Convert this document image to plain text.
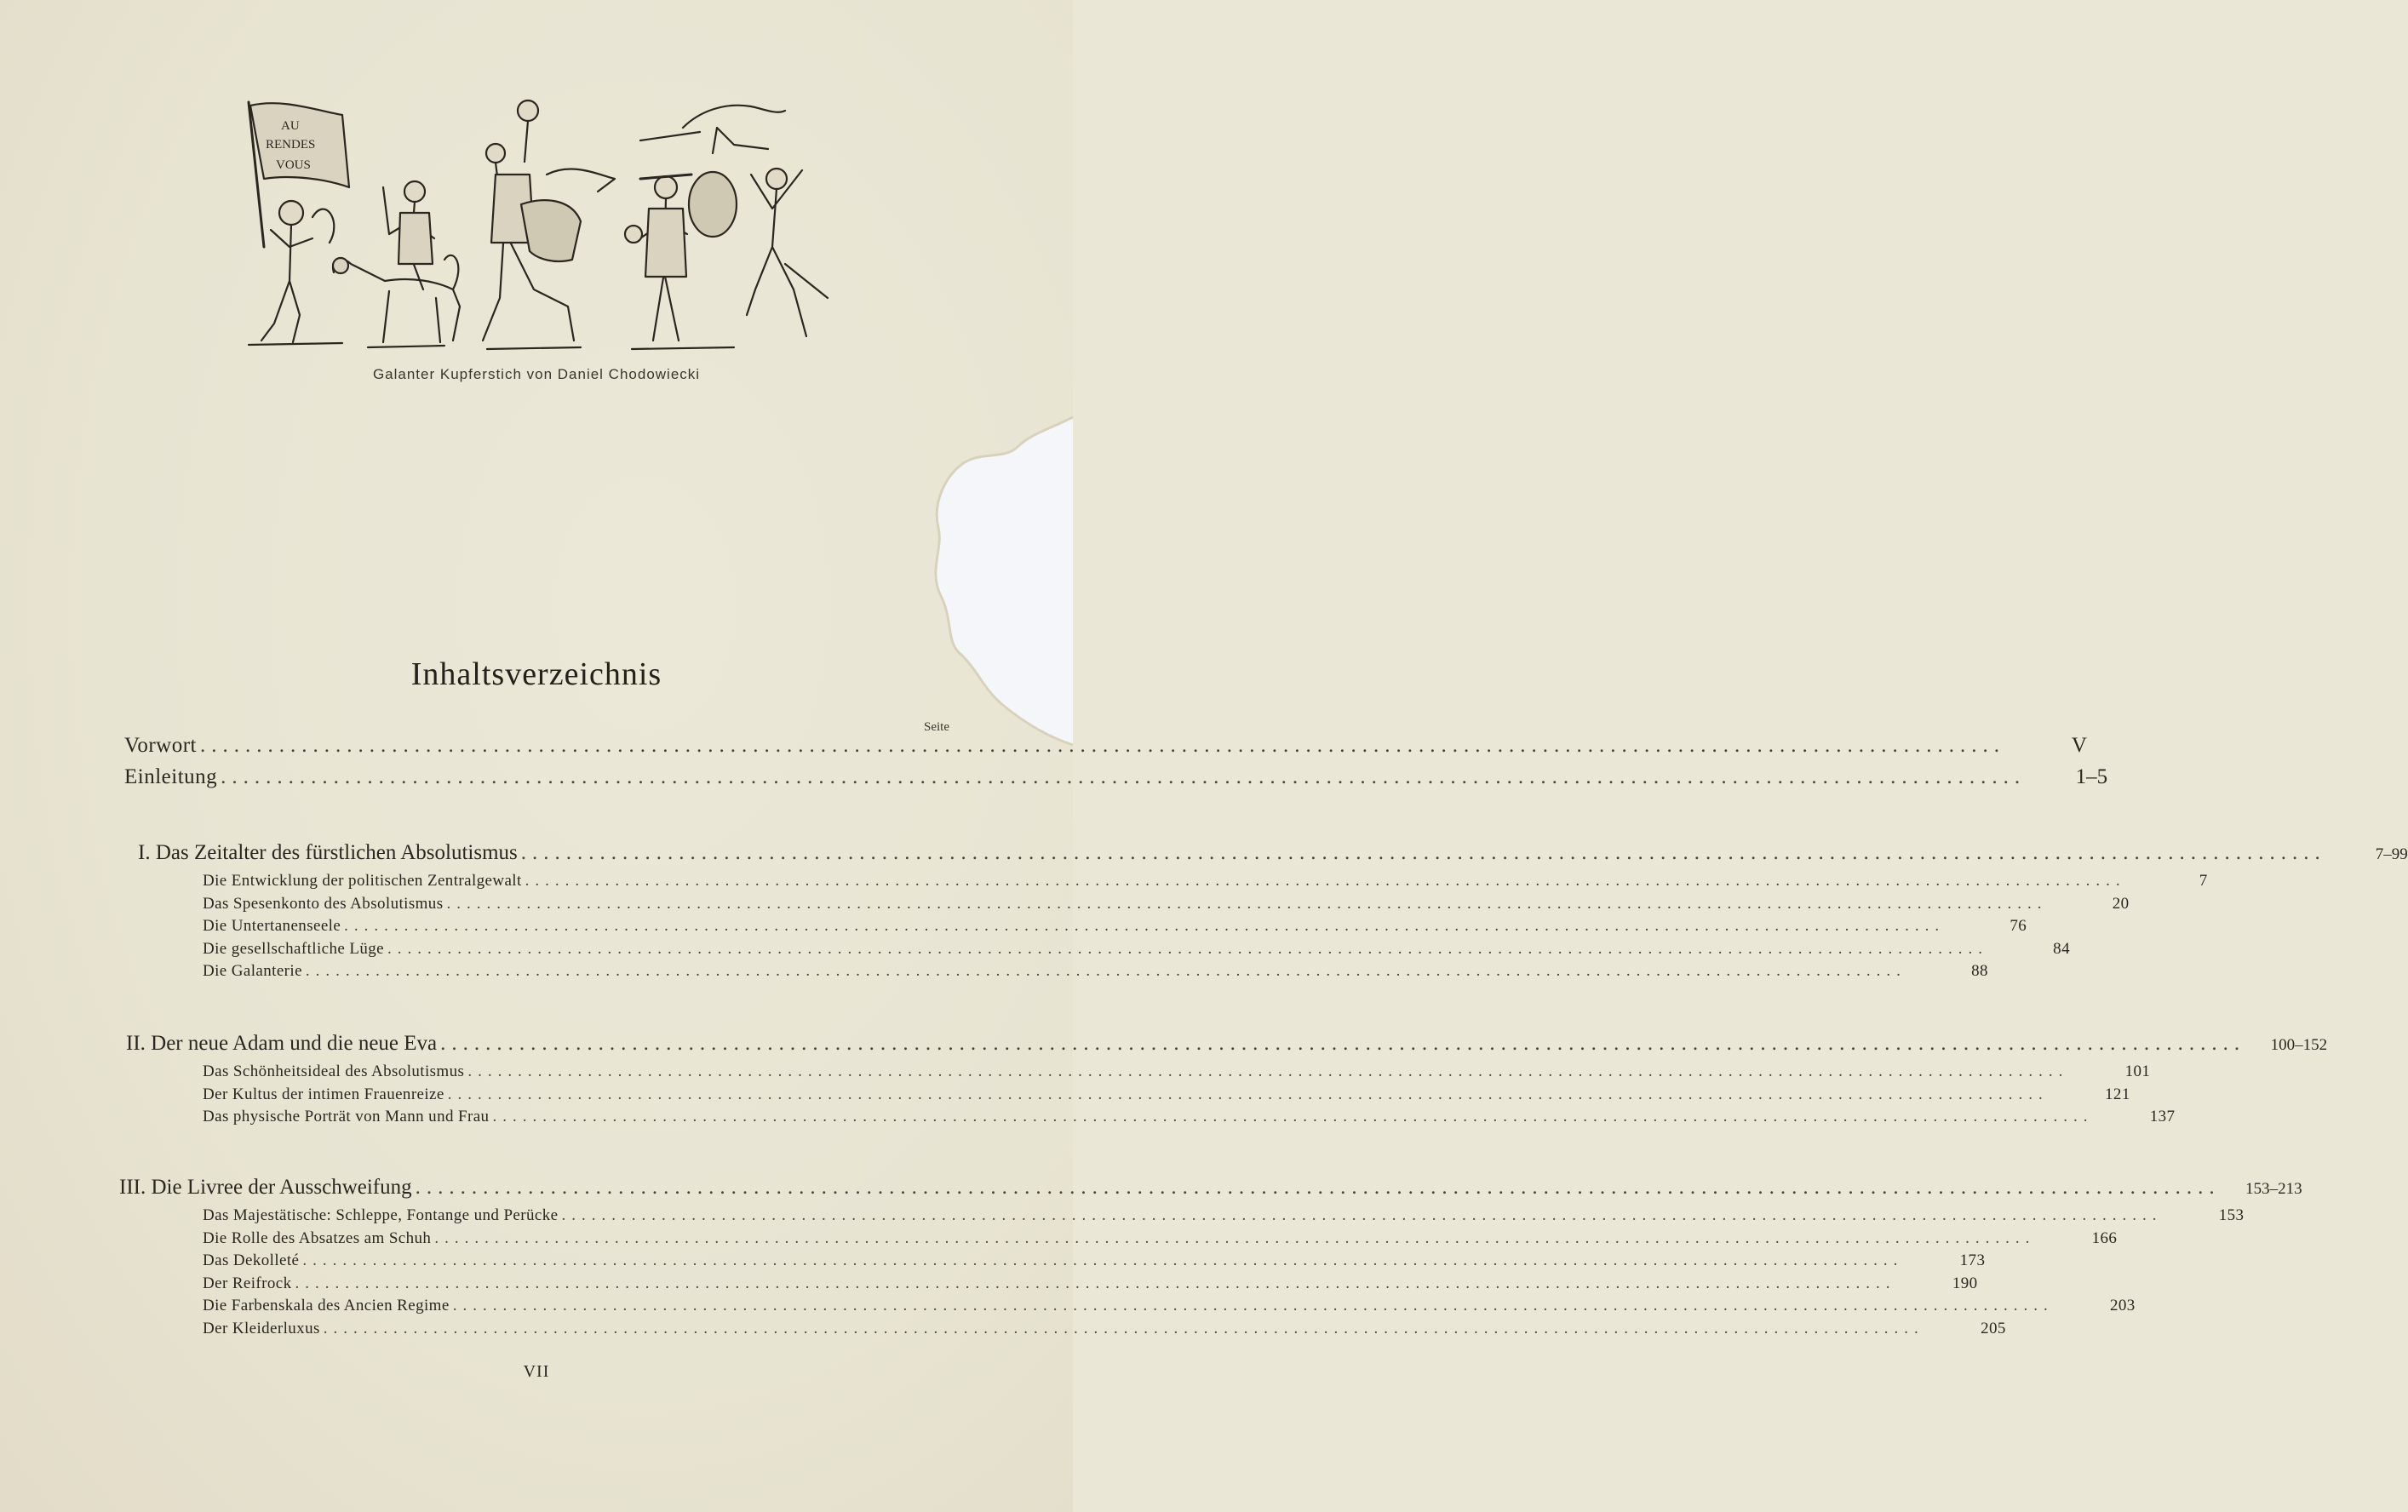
AU
RENDES
VOUS
Galanter Kupferstich von Daniel Chodowiecki
Inhaltsverzeichnis
Seite
Vorwort ................................................................................................................................................................	V
Einleitung ................................................................................................................................................................	1–5
I. Das Zeitalter des fürstlichen Absolutismus ................................................................................................................................................................	7–99
Die Entwicklung der politischen Zentralgewalt ................................................................................................................................................................	7
Das Spesenkonto des Absolutismus ................................................................................................................................................................	20
Die Untertanenseele ................................................................................................................................................................	76
Die gesellschaftliche Lüge ................................................................................................................................................................	84
Die Galanterie ................................................................................................................................................................	88
II. Der neue Adam und die neue Eva ................................................................................................................................................................	100–152
Das Schönheitsideal des Absolutismus ................................................................................................................................................................	101
Der Kultus der intimen Frauenreize ................................................................................................................................................................	121
Das physische Porträt von Mann und Frau ................................................................................................................................................................	137
III. Die Livree der Ausschweifung ................................................................................................................................................................	153–213
Das Majestätische: Schleppe, Fontange und Perücke ................................................................................................................................................................	153
Die Rolle des Absatzes am Schuh ................................................................................................................................................................	166
Das Dekolleté ................................................................................................................................................................	173
Der Reifrock ................................................................................................................................................................	190
Die Farbenskala des Ancien Regime ................................................................................................................................................................	203
Der Kleiderluxus ................................................................................................................................................................	205
VII
